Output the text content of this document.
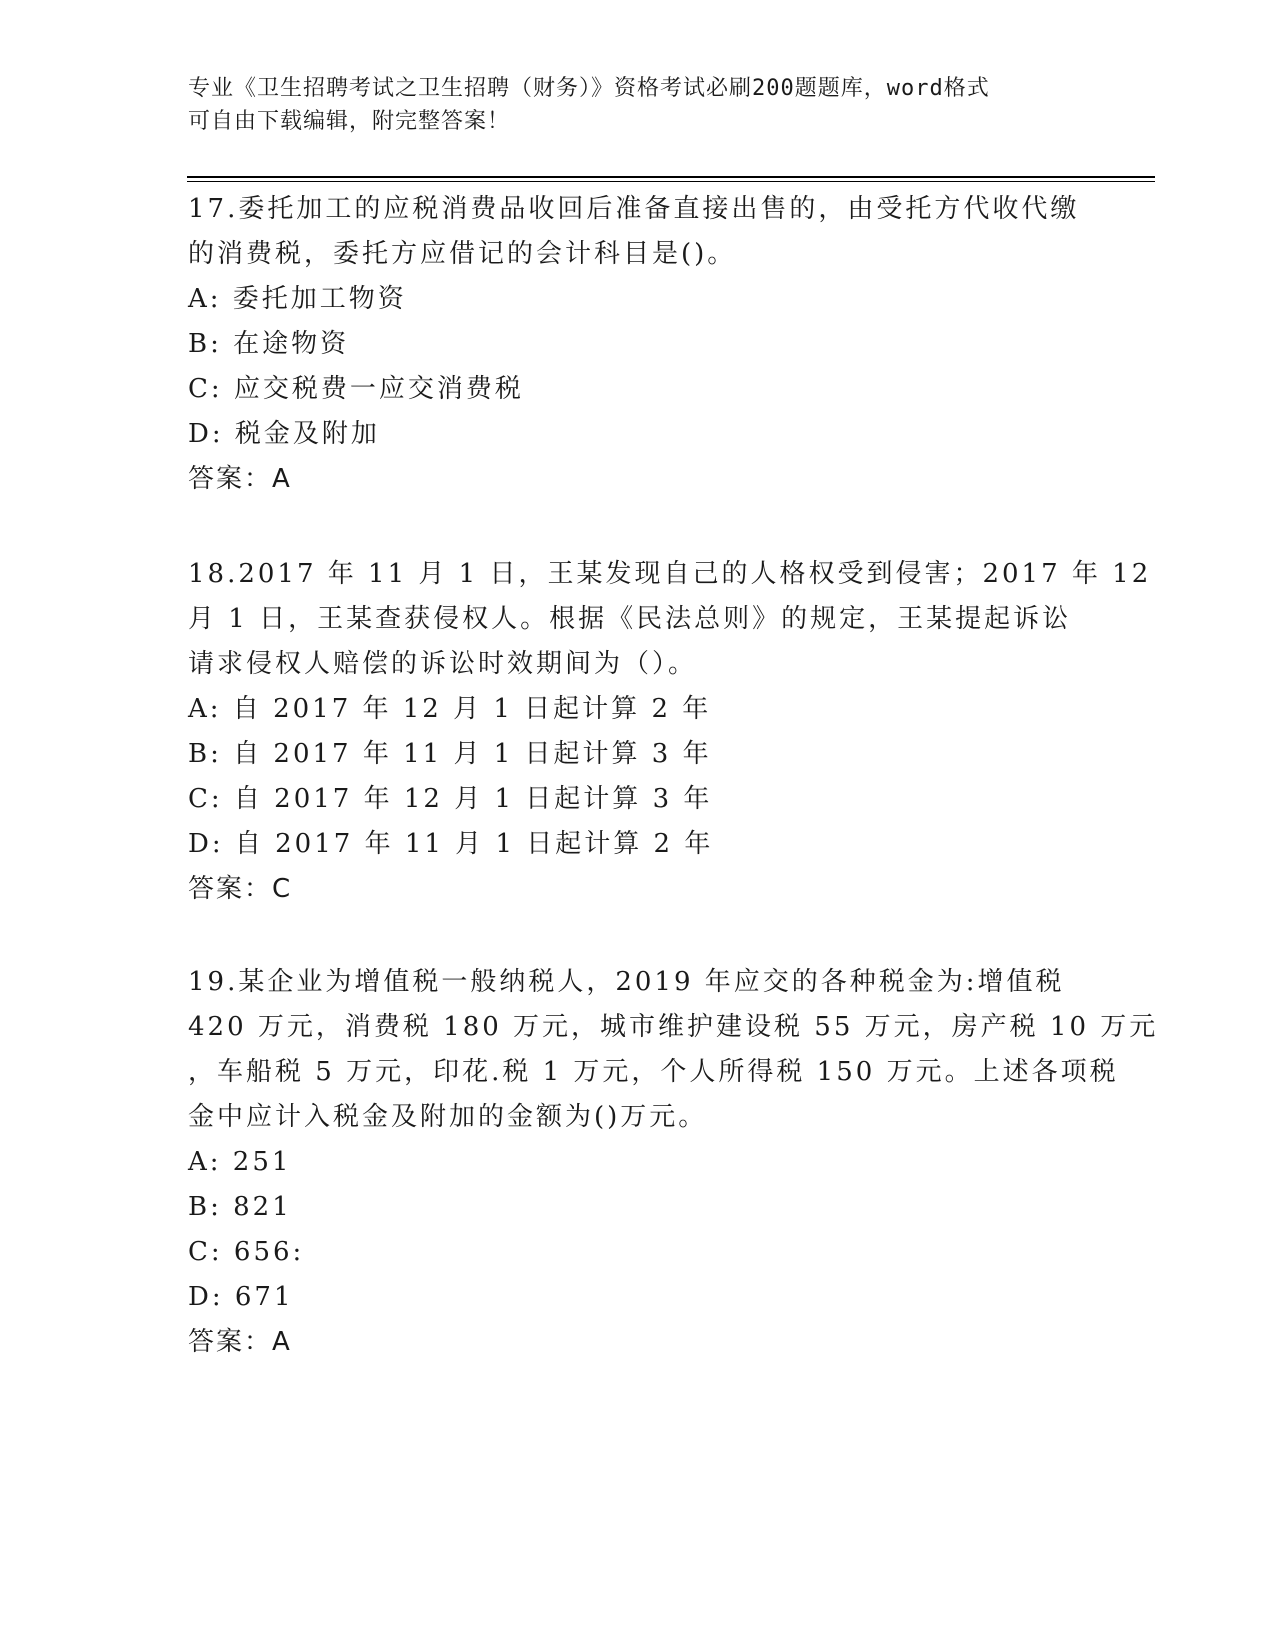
专业《卫生招聘考试之卫生招聘（财务）》资格考试必刷200题题库，word格式
可自由下载编辑，附完整答案！
17.委托加工的应税消费品收回后准备直接出售的，由受托方代收代缴
的消费税，委托方应借记的会计科目是()。
A: 委托加工物资
B: 在途物资
C: 应交税费一应交消费税
D: 税金及附加
答案：A
18.2017 年 11 月 1 日，王某发现自己的人格权受到侵害；2017 年 12
月 1 日，王某查获侵权人。根据《民法总则》的规定，王某提起诉讼
请求侵权人赔偿的诉讼时效期间为（）。
A: 自 2017 年 12 月 1 日起计算 2 年
B: 自 2017 年 11 月 1 日起计算 3 年
C: 自 2017 年 12 月 1 日起计算 3 年
D: 自 2017 年 11 月 1 日起计算 2 年
答案：C
19.某企业为增值税一般纳税人，2019 年应交的各种税金为:增值税
420 万元，消费税 180 万元，城市维护建设税 55 万元，房产税 10 万元
，车船税 5 万元，印花.税 1 万元，个人所得税 150 万元。上述各项税
金中应计入税金及附加的金额为()万元。
A: 251
B: 821
C: 656:
D: 671
答案：A
